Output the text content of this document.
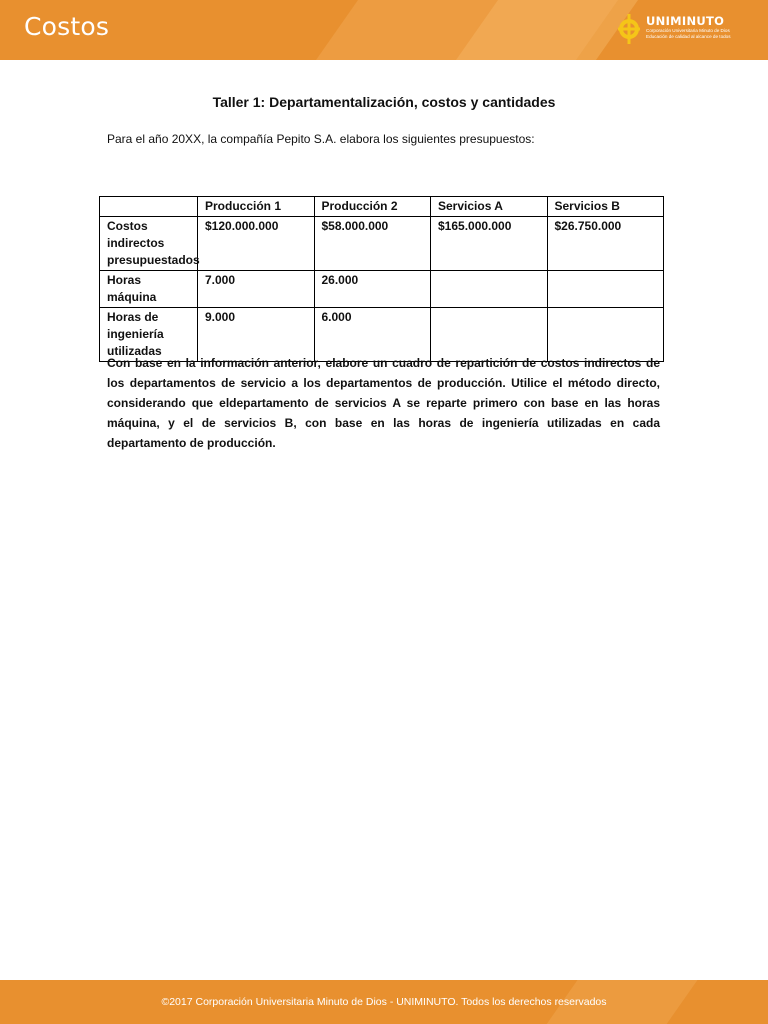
Costos	UNIMINUTO
Corporación Universitaria Minuto de Dios
Educación de calidad al alcance de todos
Taller 1: Departamentalización, costos y cantidades
Para el año 20XX, la compañía Pepito S.A. elabora los siguientes presupuestos:
	Producción 1	Producción 2	Servicios A	Servicios B
Costos indirectos presupuestados	$120.000.000	$58.000.000	$165.000.000	$26.750.000
Horas máquina	7.000	26.000		
Horas de ingeniería utilizadas	9.000	6.000		
Con base en la información anterior, elabore un cuadro de repartición de costos indirectos de los departamentos de servicio a los departamentos de producción. Utilice el método directo, considerando que eldepartamento de servicios A se reparte primero con base en las horas máquina, y el de servicios B, con base en las horas de ingeniería utilizadas en cada departamento de producción.
©2017 Corporación Universitaria Minuto de Dios - UNIMINUTO. Todos los derechos reservados
